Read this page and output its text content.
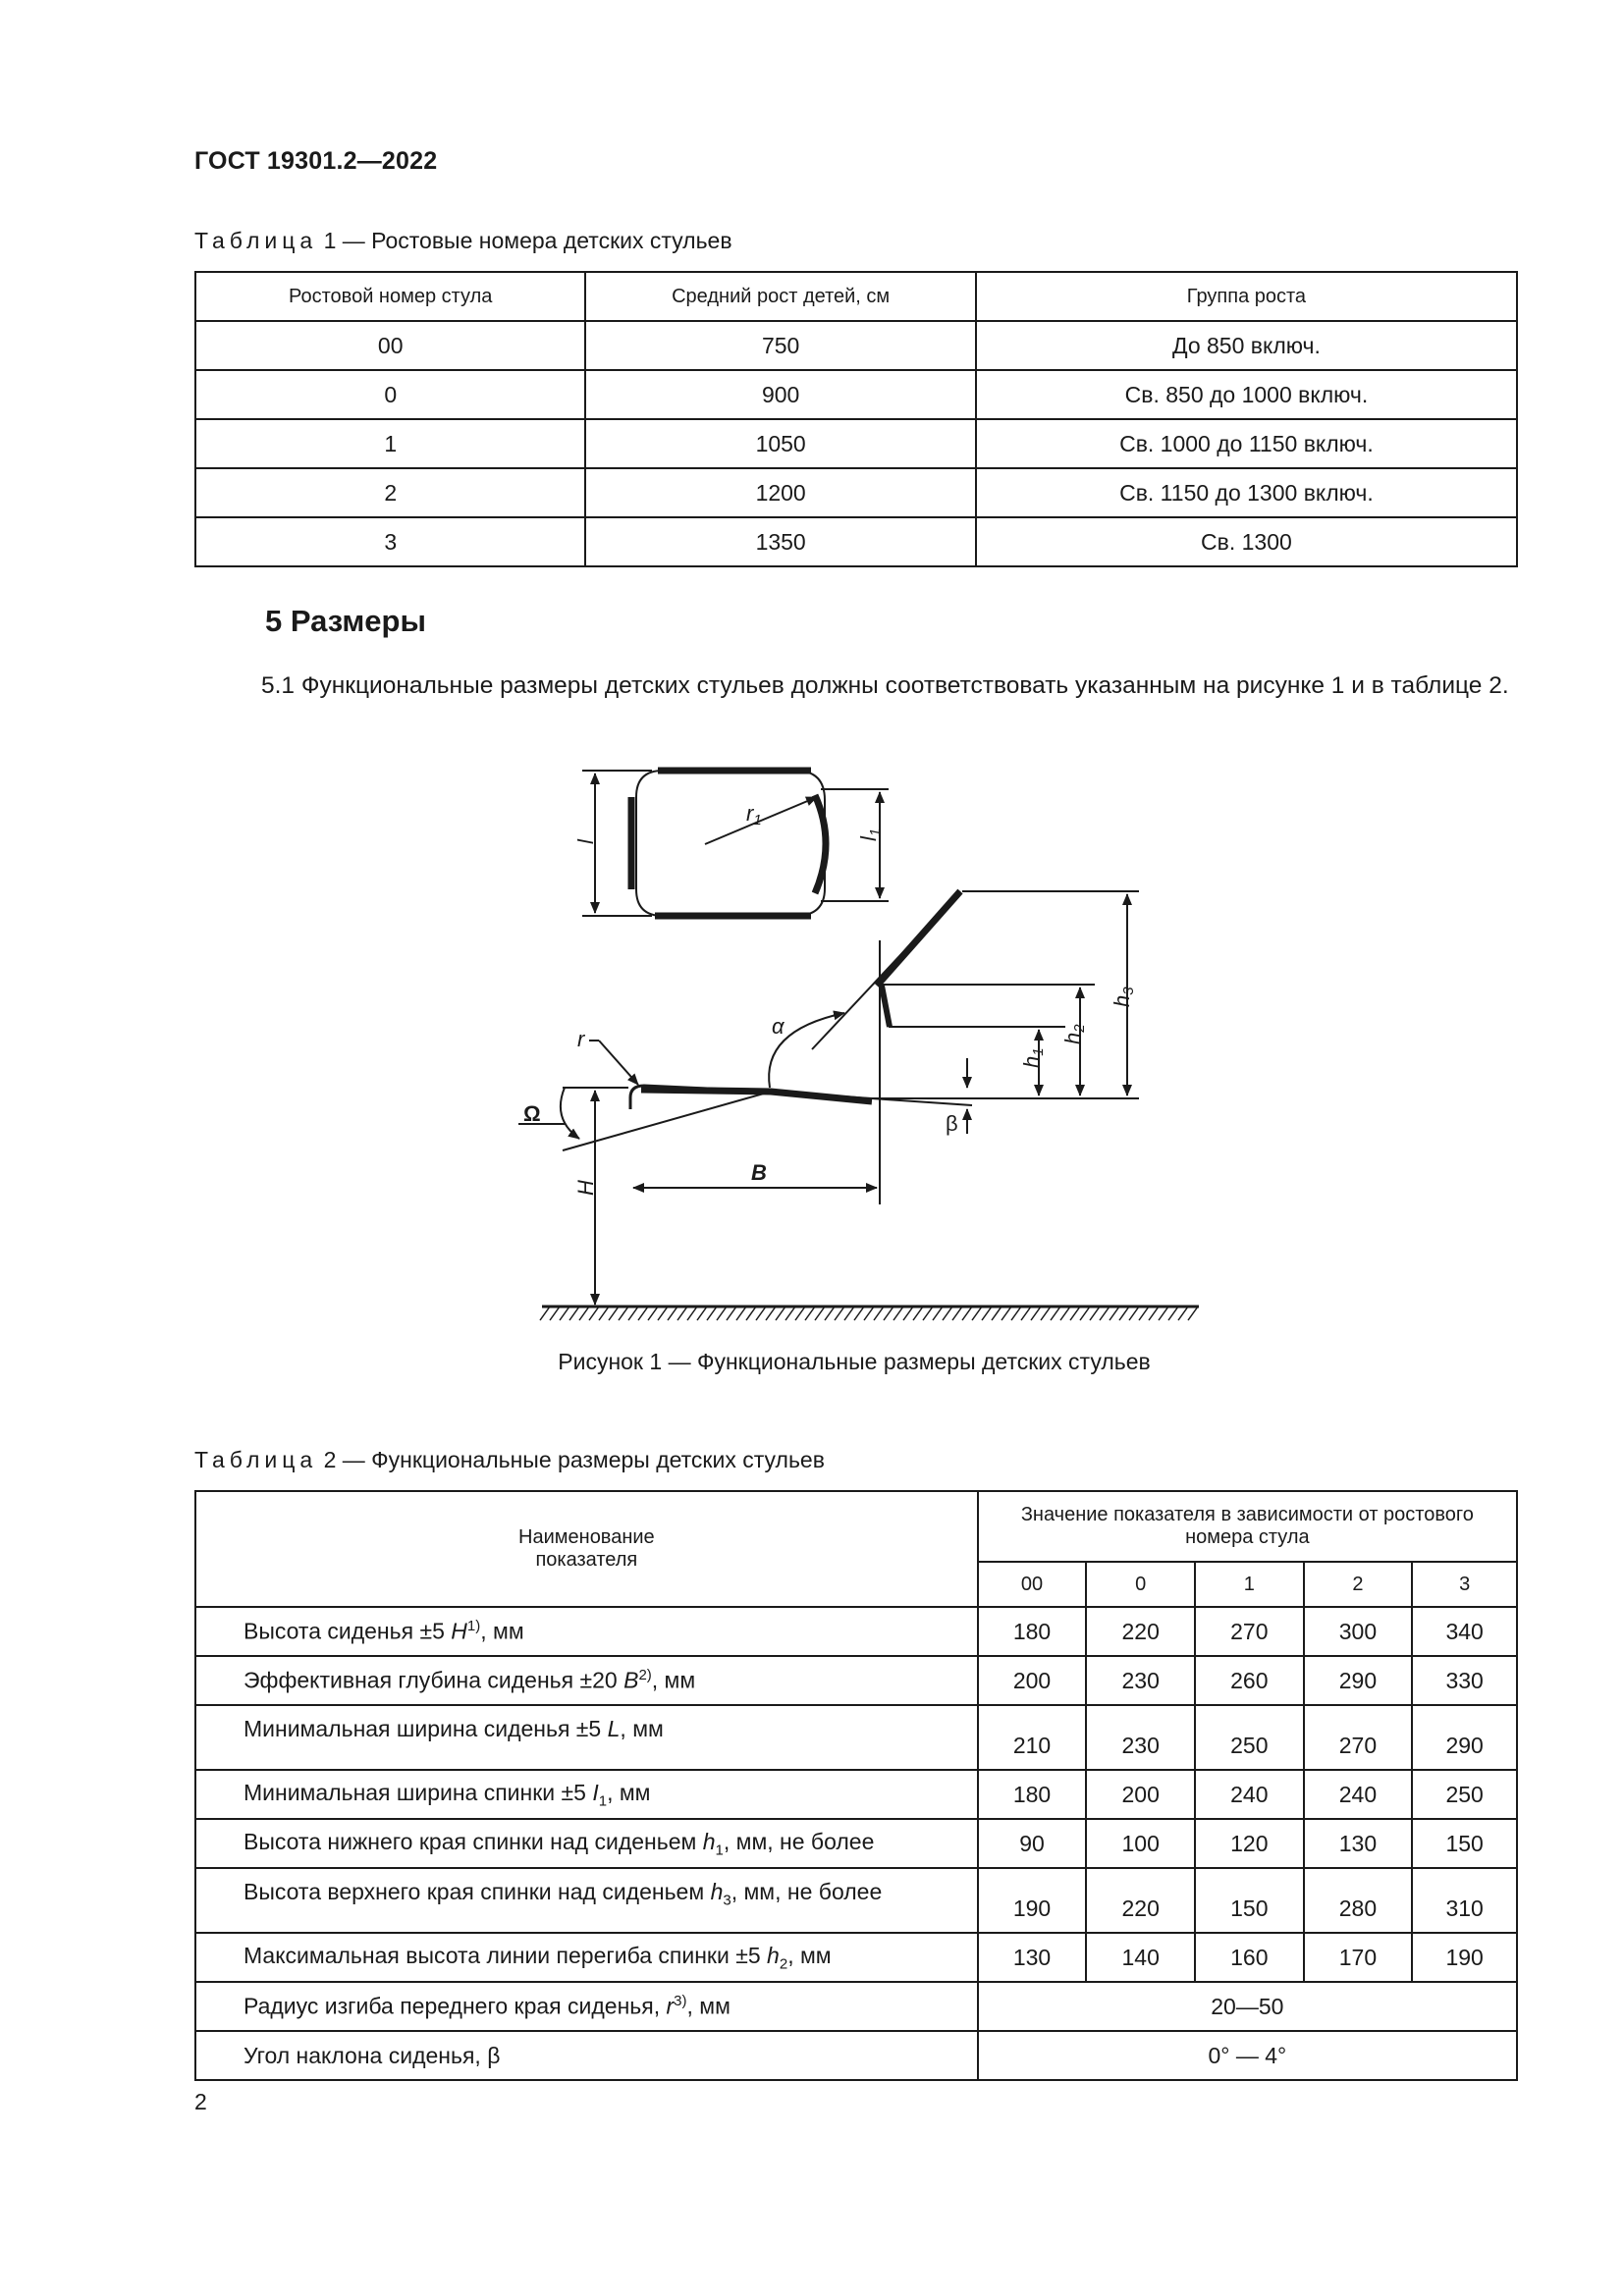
ГОСТ 19301.2—2022
Таблица 1 — Ростовые номера детских стульев
Ростовой номер стула	Средний рост детей, см	Группа роста
00	750	До 850 включ.
0	900	Св. 850 до 1000 включ.
1	1050	Св. 1000 до 1150 включ.
2	1200	Св. 1150 до 1300 включ.
3	1350	Св. 1300
5 Размеры
5.1 Функциональные размеры детских стульев должны соответствовать указанным на рисунке 1 и в таблице 2.
l
r1
l1
h3
h2
h1
α
r
β
B
H
Ω
Рисунок 1 — Функциональные размеры детских стульев
Таблица 2 — Функциональные размеры детских стульев
Наименование показателя	Значение показателя в зависимости от ростового номера стула				
	00	0	1	2	3
Высота сиденья ±5 $H^{1)}$, мм	180	220	270	300	340
Эффективная глубина сиденья ±20 $B^{2)}$, мм	200	230	260	290	330
Минимальная ширина сиденья ±5 L, мм	210	230	250	270	290
Минимальная ширина спинки ±5 $I_1$, мм	180	200	240	240	250
Высота нижнего края спинки над сиденьем $h_1$, мм, не более	90	100	120	130	150
Высота верхнего края спинки над сиденьем $h_3$, мм, не более	190	220	150	280	310
Максимальная высота линии перегиба спинки ±5 $h_2$, мм	130	140	160	170	190
Радиус изгиба переднего края сиденья, $r^{3)}$, мм	20—50				
Угол наклона сиденья, β	0° — 4°				
2
